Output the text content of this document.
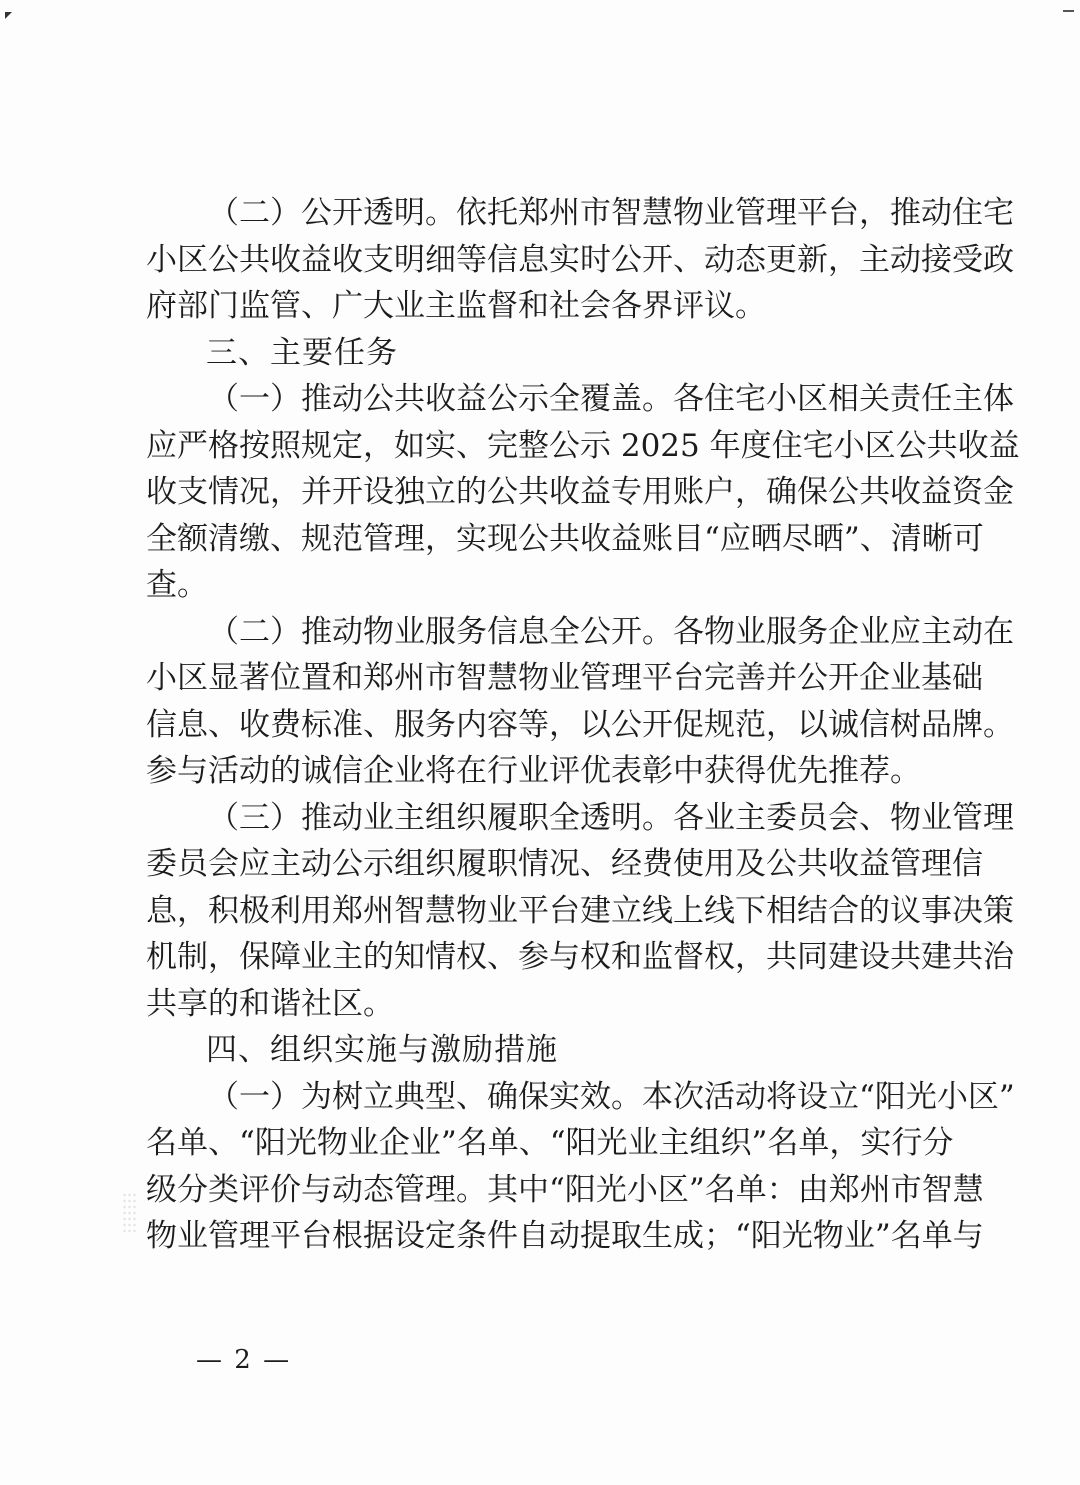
（二）公开透明。依托郑州市智慧物业管理平台，推动住宅
小区公共收益收支明细等信息实时公开、动态更新，主动接受政
府部门监管、广大业主监督和社会各界评议。
三、主要任务
（一）推动公共收益公示全覆盖。各住宅小区相关责任主体
应严格按照规定，如实、完整公示 2025 年度住宅小区公共收益
收支情况，并开设独立的公共收益专用账户，确保公共收益资金
全额清缴、规范管理，实现公共收益账目“应晒尽晒”、清晰可
查。
（二）推动物业服务信息全公开。各物业服务企业应主动在
小区显著位置和郑州市智慧物业管理平台完善并公开企业基础
信息、收费标准、服务内容等，以公开促规范，以诚信树品牌。
参与活动的诚信企业将在行业评优表彰中获得优先推荐。
（三）推动业主组织履职全透明。各业主委员会、物业管理
委员会应主动公示组织履职情况、经费使用及公共收益管理信
息，积极利用郑州智慧物业平台建立线上线下相结合的议事决策
机制，保障业主的知情权、参与权和监督权，共同建设共建共治
共享的和谐社区。
四、组织实施与激励措施
（一）为树立典型、确保实效。本次活动将设立“阳光小区”
名单、“阳光物业企业”名单、“阳光业主组织”名单，实行分
级分类评价与动态管理。其中“阳光小区”名单：由郑州市智慧
物业管理平台根据设定条件自动提取生成；“阳光物业”名单与
— 2 —
